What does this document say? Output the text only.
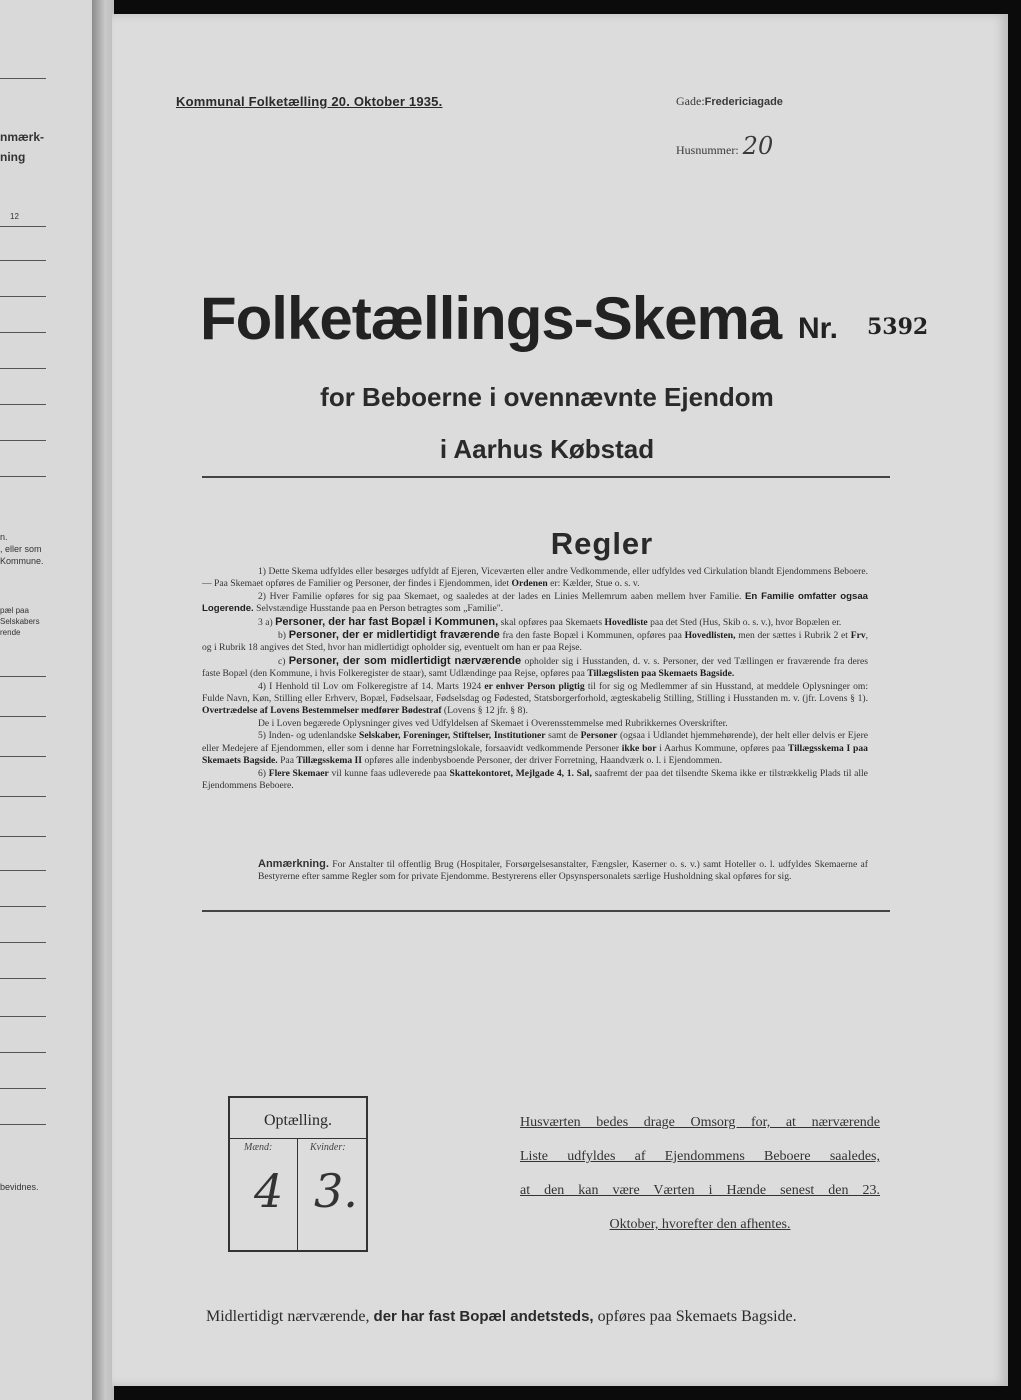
nmærk-
ning
12
n.
, eller som
Kommune.
pæl paa
Selskabers
rende
bevidnes.
Kommunal Folketælling 20. Oktober 1935.	Gade:Fredericiagade
Husnummer: 20
Folketællings-Skema Nr. 5392
for Beboerne i ovennævnte Ejendom
i Aarhus Købstad
Regler

1) Dette Skema udfyldes eller besørges udfyldt af Ejeren, Viceværten eller andre Vedkommende, eller udfyldes ved Cirkulation blandt Ejendommens Beboere. — Paa Skemaet opføres de Familier og Personer, der findes i Ejendommen, idet Ordenen er: Kælder, Stue o. s. v.

2) Hver Familie opføres for sig paa Skemaet, og saaledes at der lades en Linies Mellemrum aaben mellem hver Familie. En Familie omfatter ogsaa Logerende. Selvstændige Husstande paa en Person betragtes som „Familie".

3 a) Personer, der har fast Bopæl i Kommunen, skal opføres paa Skemaets Hovedliste paa det Sted (Hus, Skib o. s. v.), hvor Bopælen er.

b) Personer, der er midlertidigt fraværende fra den faste Bopæl i Kommunen, opføres paa Hovedlisten, men der sættes i Rubrik 2 et Frv, og i Rubrik 18 angives det Sted, hvor han midlertidigt opholder sig, eventuelt om han er paa Rejse.

c) Personer, der som midlertidigt nærværende opholder sig i Husstanden, d. v. s. Personer, der ved Tællingen er fraværende fra deres faste Bopæl (den Kommune, i hvis Folkeregister de staar), samt Udlændinge paa Rejse, opføres paa Tillægslisten paa Skemaets Bagside.

4) I Henhold til Lov om Folkeregistre af 14. Marts 1924 er enhver Person pligtig til for sig og Medlemmer af sin Husstand, at meddele Oplysninger om: Fulde Navn, Køn, Stilling eller Erhverv, Bopæl, Fødselsaar, Fødselsdag og Fødested, Statsborgerforhold, ægteskabelig Stilling, Stilling i Husstanden m. v. (jfr. Lovens § 1). Overtrædelse af Lovens Bestemmelser medfører Bødestraf (Lovens § 12 jfr. § 8).

De i Loven begærede Oplysninger gives ved Udfyldelsen af Skemaet i Overensstemmelse med Rubrikkernes Overskrifter.

5) Inden- og udenlandske Selskaber, Foreninger, Stiftelser, Institutioner samt de Personer (ogsaa i Udlandet hjemmehørende), der helt eller delvis er Ejere eller Medejere af Ejendommen, eller som i denne har Forretningslokale, forsaavidt vedkommende Personer ikke bor i Aarhus Kommune, opføres paa Tillægsskema I paa Skemaets Bagside. Paa Tillægsskema II opføres alle indenbysboende Personer, der driver Forretning, Haandværk o. l. i Ejendommen.

6) Flere Skemaer vil kunne faas udleverede paa Skattekontoret, Mejlgade 4, 1. Sal, saafremt der paa det tilsendte Skema ikke er tilstrækkelig Plads til alle Ejendommens Beboere.

Anmærkning. For Anstalter til offentlig Brug (Hospitaler, Forsørgelsesanstalter, Fængsler, Kaserner o. s. v.) samt Hoteller o. l. udfyldes Skemaerne af Bestyrerne efter samme Regler som for private Ejendomme. Bestyrerens eller Opsynspersonalets særlige Husholdning skal opføres for sig.
Optælling.
Mænd:	Kvinder:
4 3.
Husværten bedes drage Omsorg for, at nærværende
Liste udfyldes af Ejendommens Beboere saaledes,
at den kan være Værten i Hænde senest den 23.
Oktober, hvorefter den afhentes.
Midlertidigt nærværende, der har fast Bopæl andetsteds, opføres paa Skemaets Bagside.
